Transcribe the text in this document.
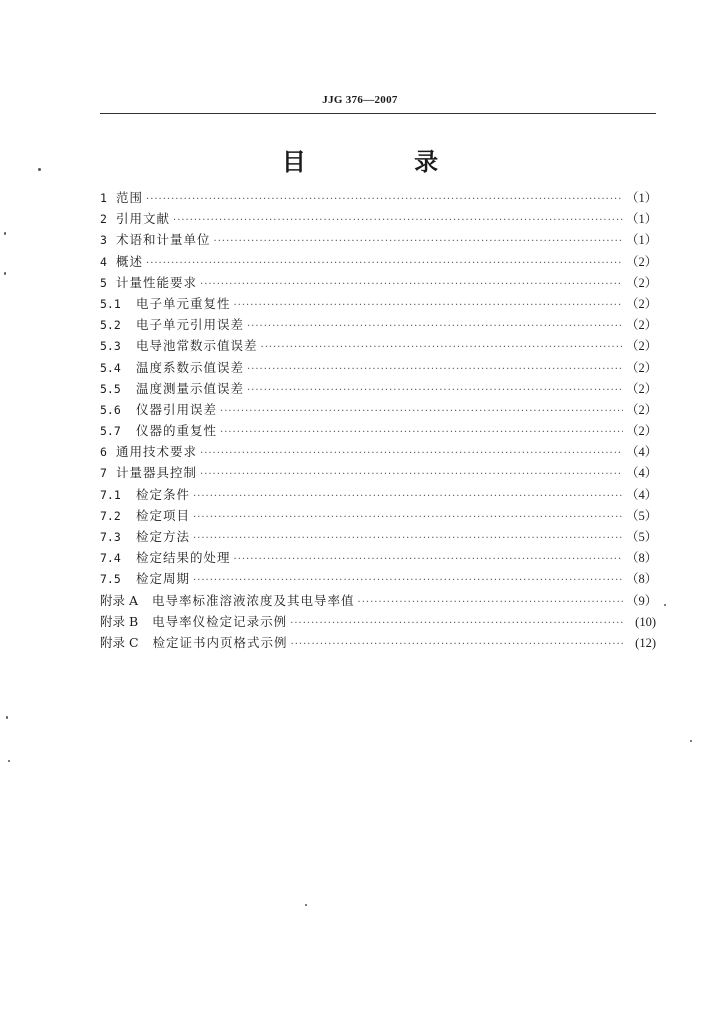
JJG 376—2007
目 录
1 范围 ·····	（1）
2 引用文献 ·····	（1）
3 术语和计量单位 ·····	（1）
4 概述 ·····	（2）
5 计量性能要求 ·····	（2）
5.1	电子单元重复性 ·····	（2）
5.2	电子单元引用误差 ·····	（2）
5.3	电导池常数示值误差 ·····	（2）
5.4	温度系数示值误差 ·····	（2）
5.5	温度测量示值误差 ·····	（2）
5.6	仪器引用误差 ·····	（2）
5.7	仪器的重复性 ·····	（2）
6 通用技术要求 ·····	（4）
7 计量器具控制 ·····	（4）
7.1	检定条件 ·····	（4）
7.2	检定项目 ·····	（5）
7.3	检定方法 ·····	（5）
7.4	检定结果的处理 ·····	（8）
7.5	检定周期 ·····	（8）
附录 A 电导率标准溶液浓度及其电导率值 ·····	（9）
附录 B 电导率仪检定记录示例 ·····	(10)
附录 C 检定证书内页格式示例 ·····	(12)
